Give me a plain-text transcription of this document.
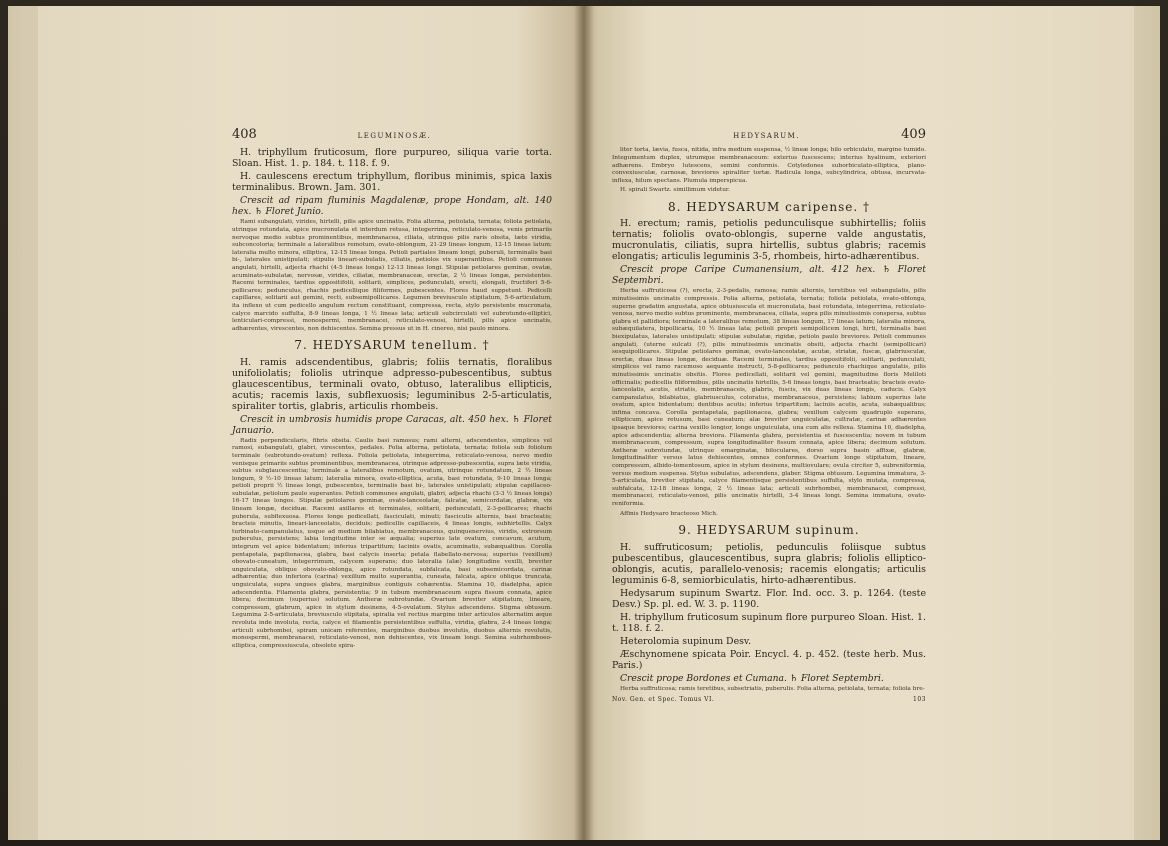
408	LEGUMINOSÆ.

H. triphyllum fruticosum, flore purpureo, siliqua varie torta. Sloan. Hist. 1. p. 184. t. 118. f. 9.

H. caulescens erectum triphyllum, floribus minimis, spica laxis terminalibus. Brown. Jam. 301.

Crescit ad ripam fluminis Magdalenæ, prope Hondam, alt. 140 hex. ♄ Floret Junio.

Rami subangulati, virides, hirtelli, pilis apice uncinatis. Folia alterna, petiolata, ternata; foliola petiolata, utrinque rotundata, apice mucronulata et interdum retusa, integerrima, reticulato-venosa, venis primariis nervoque medio subtus prominentibus, membranacea, ciliata, utrinque pilis raris obsita, læte viridia, subconcoloria; terminale a lateralibus remotum, ovato-oblongum, 21-29 lineas longum, 12-15 lineas latum; lateralia multo minora, elliptica, 12-15 lineas longa. Petioli partiales lineam longi, puberuli, terminalis basi bi-, laterales unistipulati; stipulis lineari-subulatis, ciliatis, petiolos vix superantibus. Petioli communes angulati, hirtelli, adjecta rhachi (4-5 lineas longa) 12-13 lineas longi. Stipulæ petiolares geminæ, ovatæ, acuminato-subulatæ, nervosæ, virides, ciliatæ, membranaceæ, erectæ, 2 ½ lineas longæ, persistentes. Racemi terminales, tardius oppositifolii, solitarii, simplices, pedunculati, erecti, elongati, fructiferi 5-6-pollicares; pedunculus, rhachis pedicellique filiformes, pubescentes. Flores haud suppetunt. Pedicelli capillares, solitarii aut gemini, recti, subsemipollicares. Legumen breviusculo stipitatum, 5-6-articulatum, ita inflexo ut cum pedicello angulum rectum constituant, compressa, recta, stylo persistente mucronata, calyce marcido suffulta, 8-9 lineas longa, 1 ½ lineas lata; articuli subcirculati vel subrotundo-elliptici, lenticulari-compressi, monospermi, membranacei, reticulato-venosi, hirtelli, pilis apice uncinatis, adhærentes, virescentes, non dehiscentes. Semina pressus ut in H. cinereo, nisi paulo minora.

7. HEDYSARUM tenellum. †

H. ramis adscendentibus, glabris; foliis ternatis, floralibus unifoliolatis; foliolis utrinque adpresso-pubescentibus, subtus glaucescentibus, terminali ovato, obtuso, lateralibus ellipticis, acutis; racemis laxis, subflexuosis; leguminibus 2-5-articulatis, spiraliter tortis, glabris, articulis rhombeis.

Crescit in umbrosis humidis prope Caracas, alt. 450 hex. ♄ Floret Januario.

Radix perpendicularis, fibris obsita. Caulis basi ramosus; rami alterni, adscendentes, simplices vel ramosi, subangulati, glabri, virescentes, pedales. Folia alterna, petiolata, ternata; foliola sub foliolum terminale (subrotundo-ovatum) reflexa. Foliola petiolata, integerrima, reticulato-venosa, nervo medio venisque primariis subtus prominentibus, membranacea, utrinque adpresso-pubescentia, supra læte viridia, subtus subglaucescentia; terminale a lateralibus remotum, ovatum, utrinque rotundatum, 2 ½ lineas longum, 9 ½-10 lineas latum; lateralia minora, ovato-elliptica, acuta, basi rotundata, 9-10 lineas longa; petioli proprii ½ lineas longi, pubescentes, terminalis basi bi-, laterales unistipulati; stipulæ capillaceo-subulatæ, petiolum paulo superantes. Petioli communes angulati, glabri, adjecta rhachi (3-3 ½ lineas longa) 16-17 lineas longos. Stipulæ petiolares geminæ, ovato-lanceolatæ, falcatæ, semicordatæ, glabræ, vix lineam longæ, deciduæ. Racemi axillares et terminales, solitarii, pedunculati, 2-3-pollicares; rhachi puberula, subflexuosa. Flores longe pedicellati, fasciculati, minuti; fasciculis alternis, basi bracteatis; bracteis minutis, lineari-lanceolatis, deciduis; pedicellis capillaceis, 4 lineas longis, subhirtellis. Calyx turbinato-campanulatus, usque ad medium bilabiatus, membranaceus, quinquenervius, viridis, extrorsum puberulus, persistens; labia longitudine inter se æqualia; superius late ovatum, concavum, acutum, integrum vel apice bidentatum; inferius tripartitum; laciniis ovatis, acuminatis, subæqualibus. Corolla pentapetala, papilionacea, glabra, basi calycis inserta; petala flabellato-nervosa; superius (vexillum) obovato-cuneatum, integerrimum, calycem superans; duo lateralia (alæ) longitudine vexilli, breviter unguiculata, oblique obovato-oblonga, apice rotundata, subfalcata, basi subsemicordata, carinæ adhærentia; duo inferiora (carina) vexillum multo superantia, cuneata, falcata, apice oblique truncata, unguiculata, supra ungues glabra, marginibus contiguis cohærentia. Stamina 10, diadelpha, apice adscendentia. Filamenta glabra, persistentia; 9 in tubum membranaceum supra fissum connata, apice libera; decimum (superius) solutum. Antheræ subrotundæ. Ovarium breviter stipitatum, lineare, compressum, glabrum, apice in stylum desinens, 4-5-ovulatum. Stylus adscendens. Stigma obtusum. Legumina 2-5-articulata, breviusculo stipitata, spiralia vel rectius margine inter articulos alternatim æque revoluta inde involuta, recta, calyce et filamentis persistentibus suffulta, viridia, glabra, 2-4 lineas longa; articuli subrhombei, spiram unicam referentes, marginibus duobus involutis, duobus alternis revolutis, monospermi, membranacei, reticulato-venosi, non dehiscentes, vix lineam longi. Semina subrhomboeo-elliptica, compressiuscula, obsolete spira-

HEDYSARUM.	409

liter torta, lævia, fusca, nitida, infra medium suspensa, ½ lineæ longa; hilo orbiculato, margine tumido. Integumentum duplex, utrumque membranaceum: exterius fuscescens; interius hyalinum, exteriori adhærens. Embryo lutescens, semini conformis. Cotyledones suborbiculato-elliptica, plano-convexiusculæ, carnosæ, breviores spiraliter tortæ. Radicula longa, subcylindrica, obtusa, incurvata-inflexa, hilum spectans. Plumula imperspicua.

H. spirali Swartz. simillimum videtur.

8. HEDYSARUM caripense. †

H. erectum; ramis, petiolis pedunculisque subhirtellis; foliis ternatis; foliolis ovato-oblongis, superne valde angustatis, mucronulatis, ciliatis, supra hirtellis, subtus glabris; racemis elongatis; articulis leguminis 3-5, rhombeis, hirto-adhærentibus.

Crescit prope Caripe Cumanensium, alt. 412 hex. ♄ Floret Septembri.

Herba suffruticosa (?), erecta, 2-3-pedalis, ramosa; ramis alternis, teretibus vel subangulatis, pilis minutissimis uncinatis compressis. Folia alterna, petiolata, ternata; foliola petiolata, ovato-oblonga, superne gradatim angustata, apice obtusiuscula et mucronulata, basi rotundata, integerrima, reticulato-venosa, nervo medio subtus prominente, membranacea, ciliata, supra pilis minutissimis conspersa, subtus glabra et pallidiora; terminale a lateralibus remotum, 38 lineas longum, 17 lineas latum; lateralia minora, subæquilatera, bipollicaria, 10 ½ lineas lata; petioli proprii semipollicem longi, hirti, terminalis basi biexipulatus, laterales unistipulati; stipulæ subulatæ, rigidæ, petiolo paulo breviores. Petioli communes angulati, (uterne sulcati (?), pilis minutissimis uncinatis obsiti, adjecta rhachi (semipollicari) sesquipollicares. Stipulæ petiolares geminæ, ovato-lanceolatæ, acutæ, striatæ, fuscæ, glabriusculæ, erectæ, duas lineas longæ, deciduæ. Racemi terminales, tardius oppositifolii, solitarii, pedunculati, simplices vel ramo racemoso aequante instructi, 5-8-pollicares; pedunculo rhachique angulatis, pilis minutissimis uncinatis obsitis. Flores pedicellati, solitarii vel gemini, magnitudine floris Meliloti officinalis; pedicellis filiformibus, pilis uncinatis hirtellis, 5-6 lineas longis, basi bracteatis; bracteis ovato-lanceolatis, acutis, striatis, membranaceis, glabris, fuscis, vix duas lineas longis, caducis. Calyx campanulatus, bilabiatus, glabriusculus, coloratus, membranaceus, persistens; labium superius late ovatum, apice bidentatum; dentibus acutis; inferius tripartitum; laciniis acutis, acuta, subæqualibus; infima concava. Corolla pentapetala, papilionacea, glabra; vexillum calycem quadruplo superans, ellipticum, apice retusum, basi cuneatum; alæ breviter unguiculatæ, cultratæ, carinæ adhærentes ipsaque breviores; carina vexillo longior, longe unguiculata, una cum alis rellexa. Stamina 10, diadelpha, apice adscendentia; alterna breviora. Filamenta glabra, persistentia et fuscescentia; novem in tubum membranaceum, compressum, supra longitudinaliter fissum connata, apice libera; decimum solutum. Antheræ subrotundæ, utrinque emarginatæ, biloculares, dorso supra basin affixæ, glabræ, longitudinaliter versus latus dehiscentes, omnes conformes. Ovarium longe stipitatum, lineare, compressum, albido-tomentosum, apice in stylum desinens, multiovulare; ovula circiter 5, subreniformia, versus medium suspensa. Stylus subulatus, adscendens, glaber. Stigma obtusum. Legumina immatura, 3-5-articulata, breviter stipitata, calyce filamentisque persistentibus suffulta, stylo mutata, compressa, subfalcata, 12-18 lineas longa, 2 ½ lineas lata; articuli subrhombei, membranacei, compressi, membranacei, reticulato-venosi, pilis uncinatis hirtelli, 3-4 lineas longi. Semina immatura, ovato-reniformia.

Affinis Hedysaro bracteoso Mich.

9. HEDYSARUM supinum.

H. suffruticosum; petiolis, pedunculis foliisque subtus pubescentibus, glaucescentibus, supra glabris; foliolis elliptico-oblongis, acutis, parallelo-venosis; racemis elongatis; articulis leguminis 6-8, semiorbiculatis, hirto-adhærentibus.

Hedysarum supinum Swartz. Flor. Ind. occ. 3. p. 1264. (teste Desv.) Sp. pl. ed. W. 3. p. 1190.

H. triphyllum fruticosum supinum flore purpureo Sloan. Hist. 1. t. 118. f. 2.

Heterolomia supinum Desv.

Æschynomene spicata Poir. Encycl. 4. p. 452. (teste herb. Mus. Paris.)

Crescit prope Bordones et Cumana. ♄ Floret Septembri.

Herba suffruticosa; ramis teretibus, subsetriatis, puberulis. Folia alterna, petiolata, ternata; foliola bre-

Nov. Gen. et Spec. Tomus VI.	103
